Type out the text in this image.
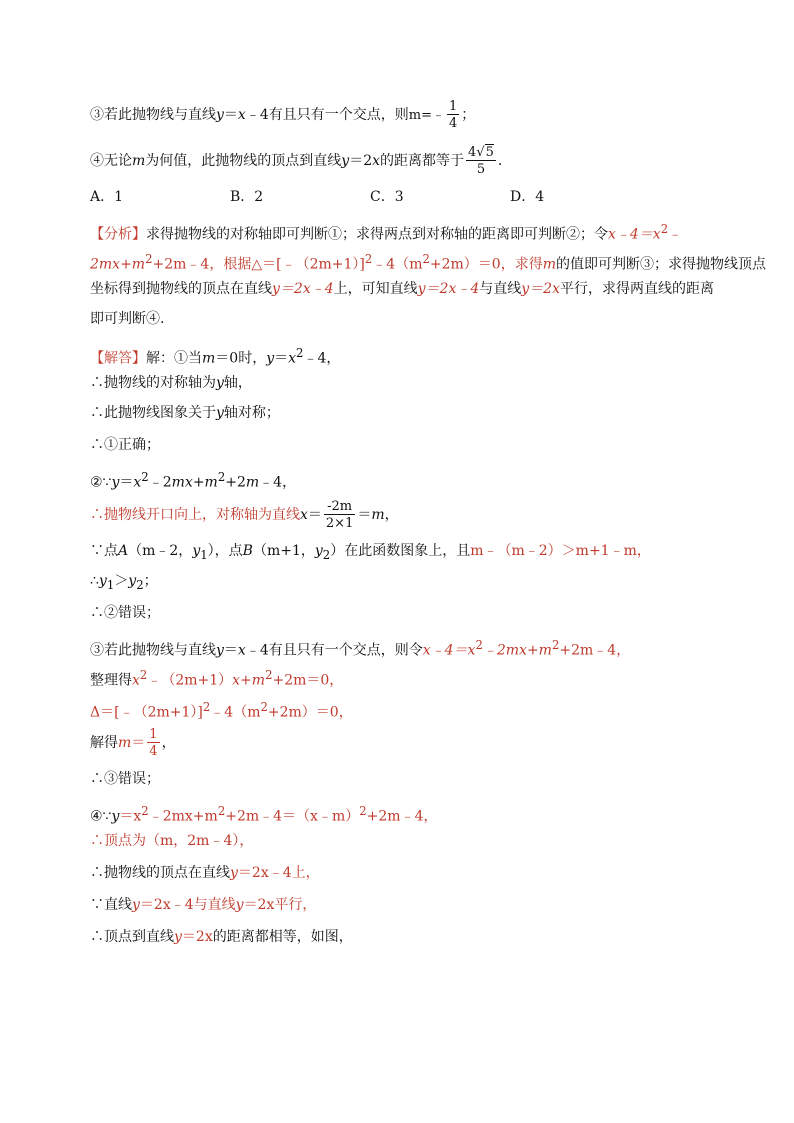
③若此抛物线与直线y＝x﹣4有且只有一个交点，则m=﹣ $\frac{1}{4}$ ；
④无论m为何值，此抛物线的顶点到直线y＝2x的距离都等于 $\frac{4√5}{5}$ .
A．1	B．2	C．3	D．4
【分析】求得抛物线的对称轴即可判断①；求得两点到对称轴的距离即可判断②；令$x﹣4=x^2﹣$
$2mx+m^2+2m﹣4$，根据$\triangle=[﹣(2m+1)]^2﹣4(m^2+2m)=0$，求得m的值即可判断③；求得抛物线顶点
坐标得到抛物线的顶点在直线y＝2x﹣4上，可知直线y＝2x﹣4与直线y＝2x平行，求得两直线的距离
即可判断④.
【解答】解：①当m＝0时，$y=x^2﹣4$，
∴抛物线的对称轴为y轴，
∴此抛物线图象关于y轴对称；
∴①正确；
$②\because y=x^2﹣2mx+m^2+2m﹣4$，
∴抛物线开口向上，对称轴为直线$x= \frac{-2m}{2\times 1} =m$，
∵点A（m﹣2，$y_1$），点B（m+1，$y_2$）在此函数图象上，且m﹣（m﹣2）＞m+1﹣m，
$\therefore y_1>y_2$；
∴②错误；
③若此抛物线与直线y＝x﹣4有且只有一个交点，则令$x﹣4=x^2﹣2mx+m^2+2m﹣4$，
整理得$x^2﹣(2m+1)x+m^2+2m=0$，
$\Delta=[﹣(2m+1)]^2﹣4(m^2+2m)=0$，
解得$m= \frac{1}{4}$ ，
∴③错误；
$④\because y=x^2﹣2mx+m^2+2m﹣4=(x﹣m)^2+2m﹣4$，
∴顶点为（m，2m﹣4），
∴抛物线的顶点在直线y＝2x﹣4上，
∵直线y＝2x﹣4与直线y＝2x平行，
∴顶点到直线y＝2x的距离都相等，如图，
